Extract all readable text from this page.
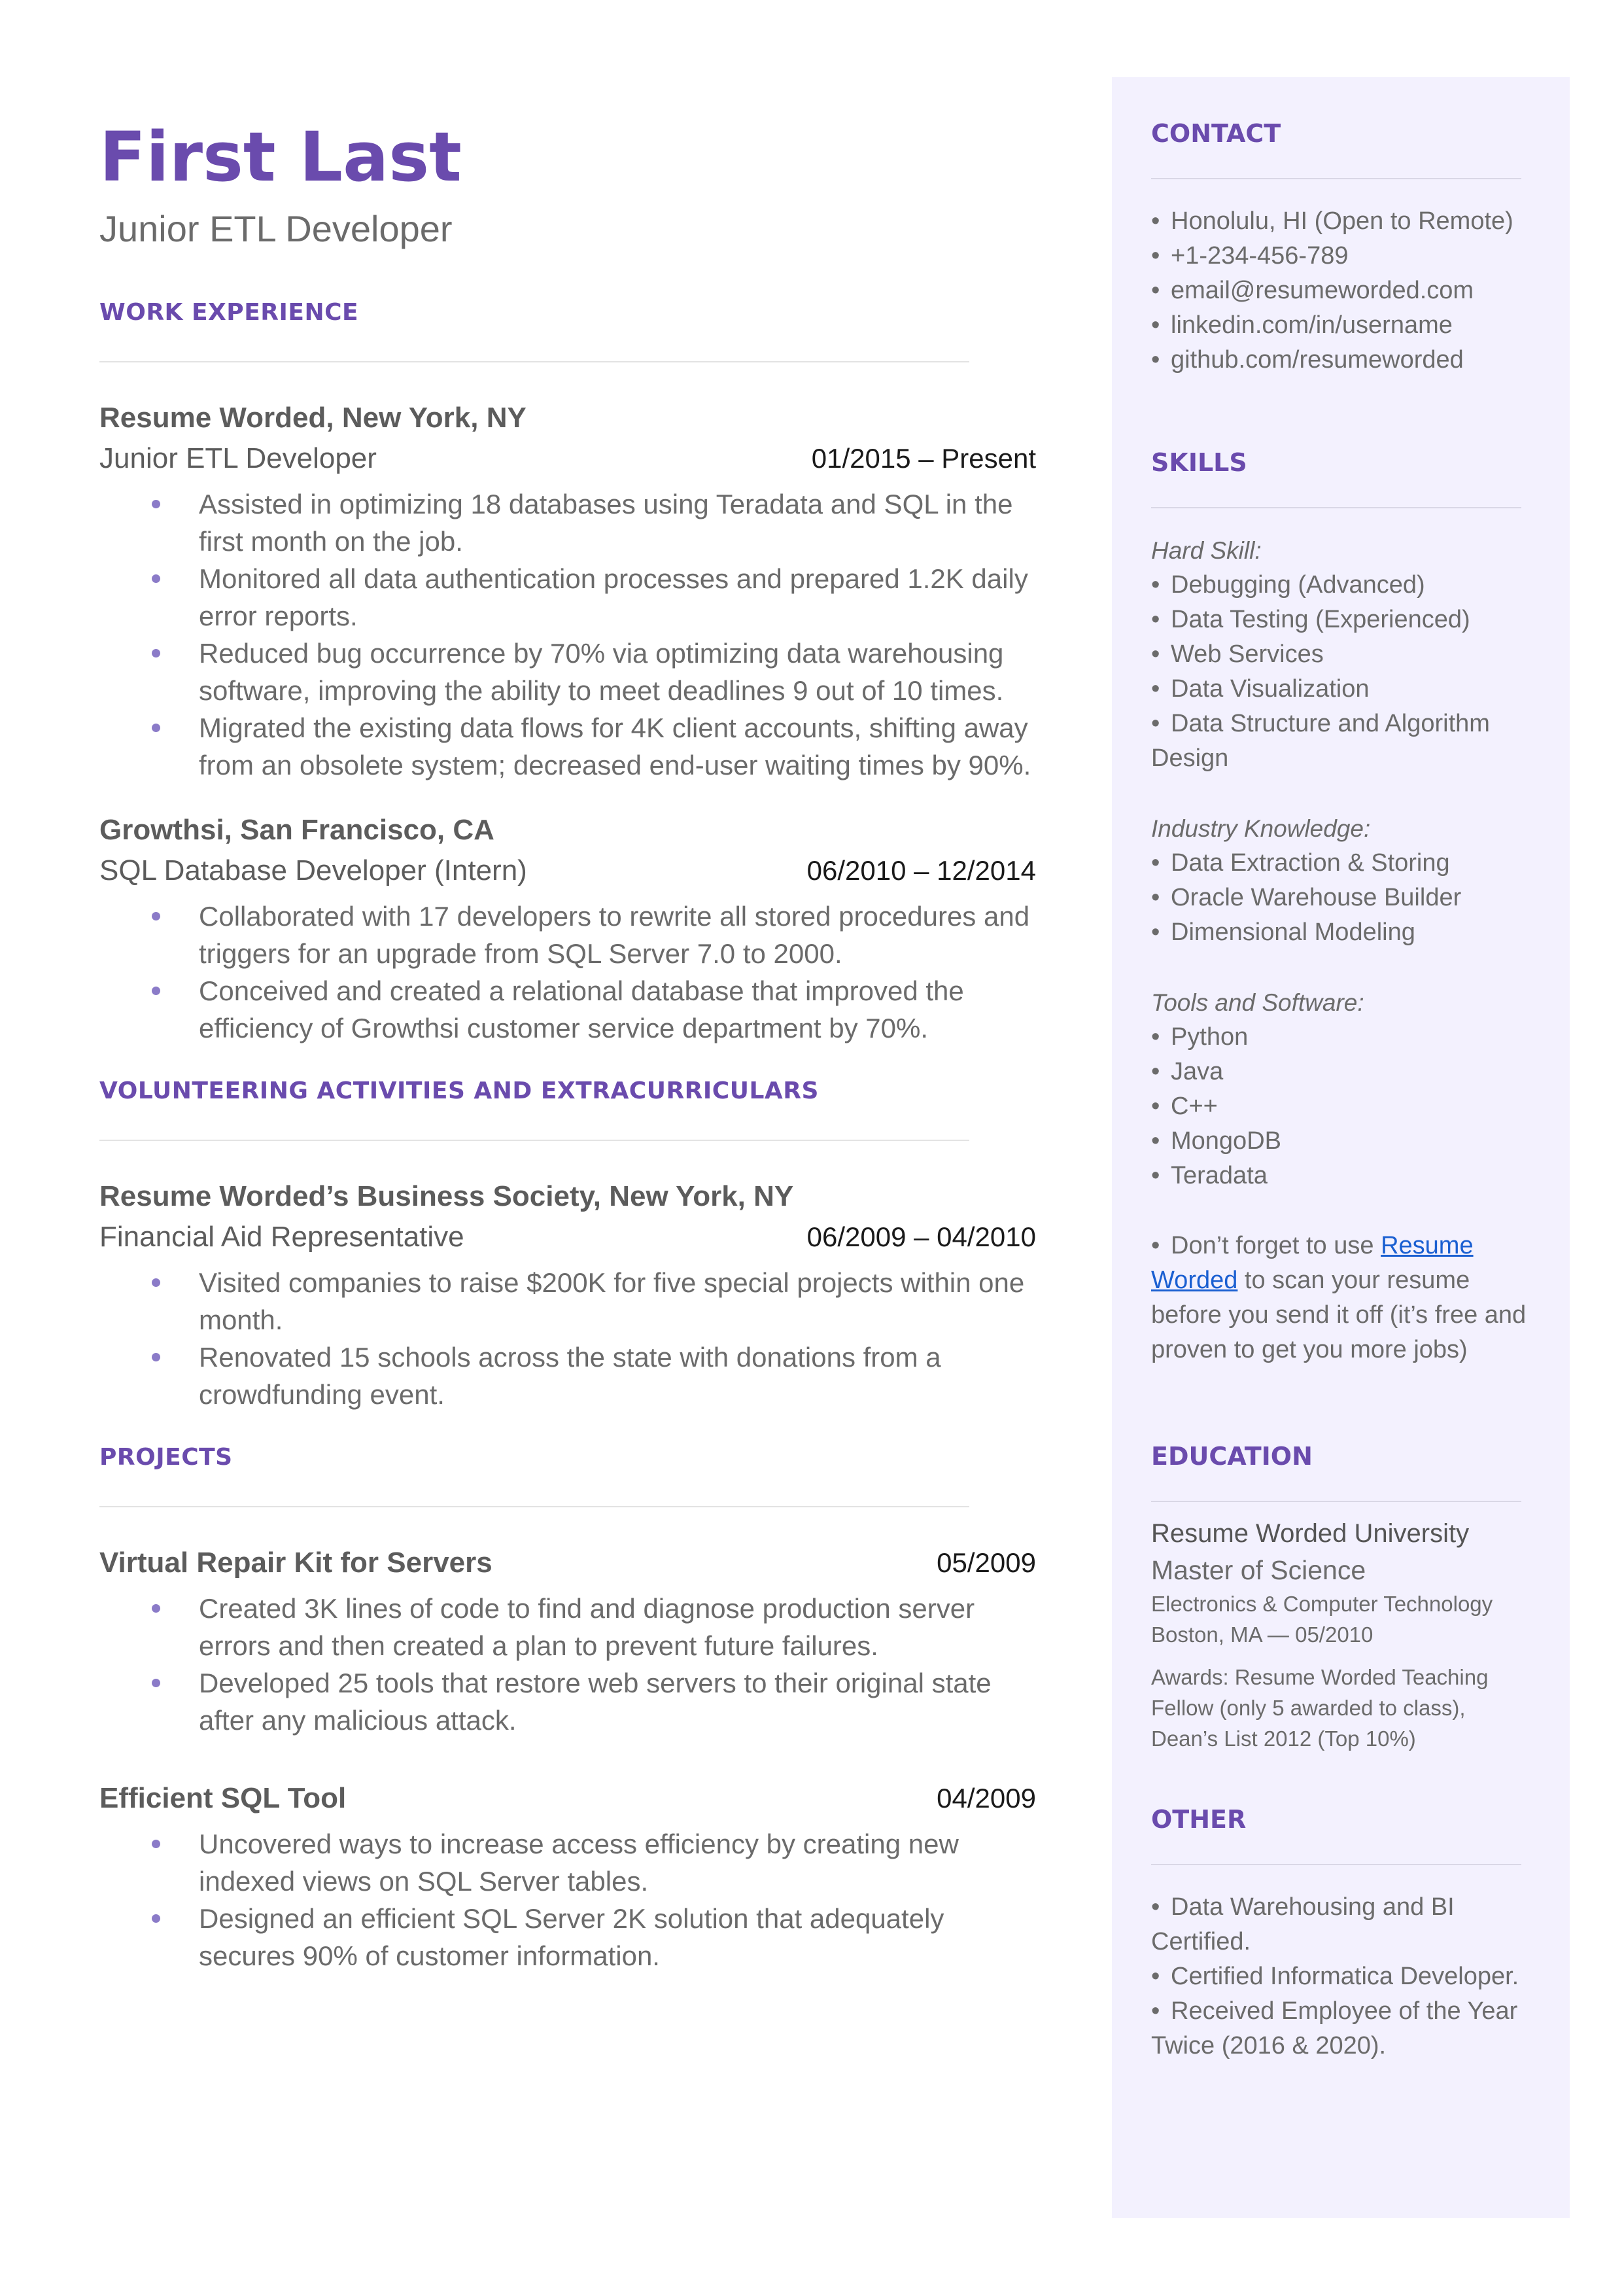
First Last
Junior ETL Developer
WORK EXPERIENCE
Resume Worded, New York, NY
Junior ETL Developer	01/2015 – Present
Assisted in optimizing 18 databases using Teradata and SQL in the first month on the job.
Monitored all data authentication processes and prepared 1.2K daily error reports.
Reduced bug occurrence by 70% via optimizing data warehousing software, improving the ability to meet deadlines 9 out of 10 times.
Migrated the existing data flows for 4K client accounts, shifting away from an obsolete system; decreased end-user waiting times by 90%.
Growthsi, San Francisco, CA
SQL Database Developer (Intern)	06/2010 – 12/2014
Collaborated with 17 developers to rewrite all stored procedures and triggers for an upgrade from SQL Server 7.0 to 2000.
Conceived and created a relational database that improved the efficiency of Growthsi customer service department by 70%.
VOLUNTEERING ACTIVITIES AND EXTRACURRICULARS
Resume Worded’s Business Society, New York, NY
Financial Aid Representative	06/2009 – 04/2010
Visited companies to raise $200K for five special projects within one month.
Renovated 15 schools across the state with donations from a crowdfunding event.
PROJECTS
Virtual Repair Kit for Servers	05/2009
Created 3K lines of code to find and diagnose production server errors and then created a plan to prevent future failures.
Developed 25 tools that restore web servers to their original state after any malicious attack.
Efficient SQL Tool	04/2009
Uncovered ways to increase access efficiency by creating new indexed views on SQL Server tables.
Designed an efficient SQL Server 2K solution that adequately secures 90% of customer information.
CONTACT
• Honolulu, HI (Open to Remote)
• +1-234-456-789
• email@resumeworded.com
• linkedin.com/in/username
• github.com/resumeworded
SKILLS
Hard Skill:
• Debugging (Advanced)
• Data Testing (Experienced)
• Web Services
• Data Visualization
• Data Structure and Algorithm Design
Industry Knowledge:
• Data Extraction & Storing
• Oracle Warehouse Builder
• Dimensional Modeling
Tools and Software:
• Python
• Java
• C++
• MongoDB
• Teradata
• Don’t forget to use Resume Worded to scan your resume before you send it off (it’s free and proven to get you more jobs)
EDUCATION
Resume Worded University
Master of Science
Electronics & Computer Technology
Boston, MA — 05/2010
Awards: Resume Worded Teaching Fellow (only 5 awarded to class), Dean’s List 2012 (Top 10%)
OTHER
• Data Warehousing and BI Certified.
• Certified Informatica Developer.
• Received Employee of the Year Twice (2016 & 2020).
